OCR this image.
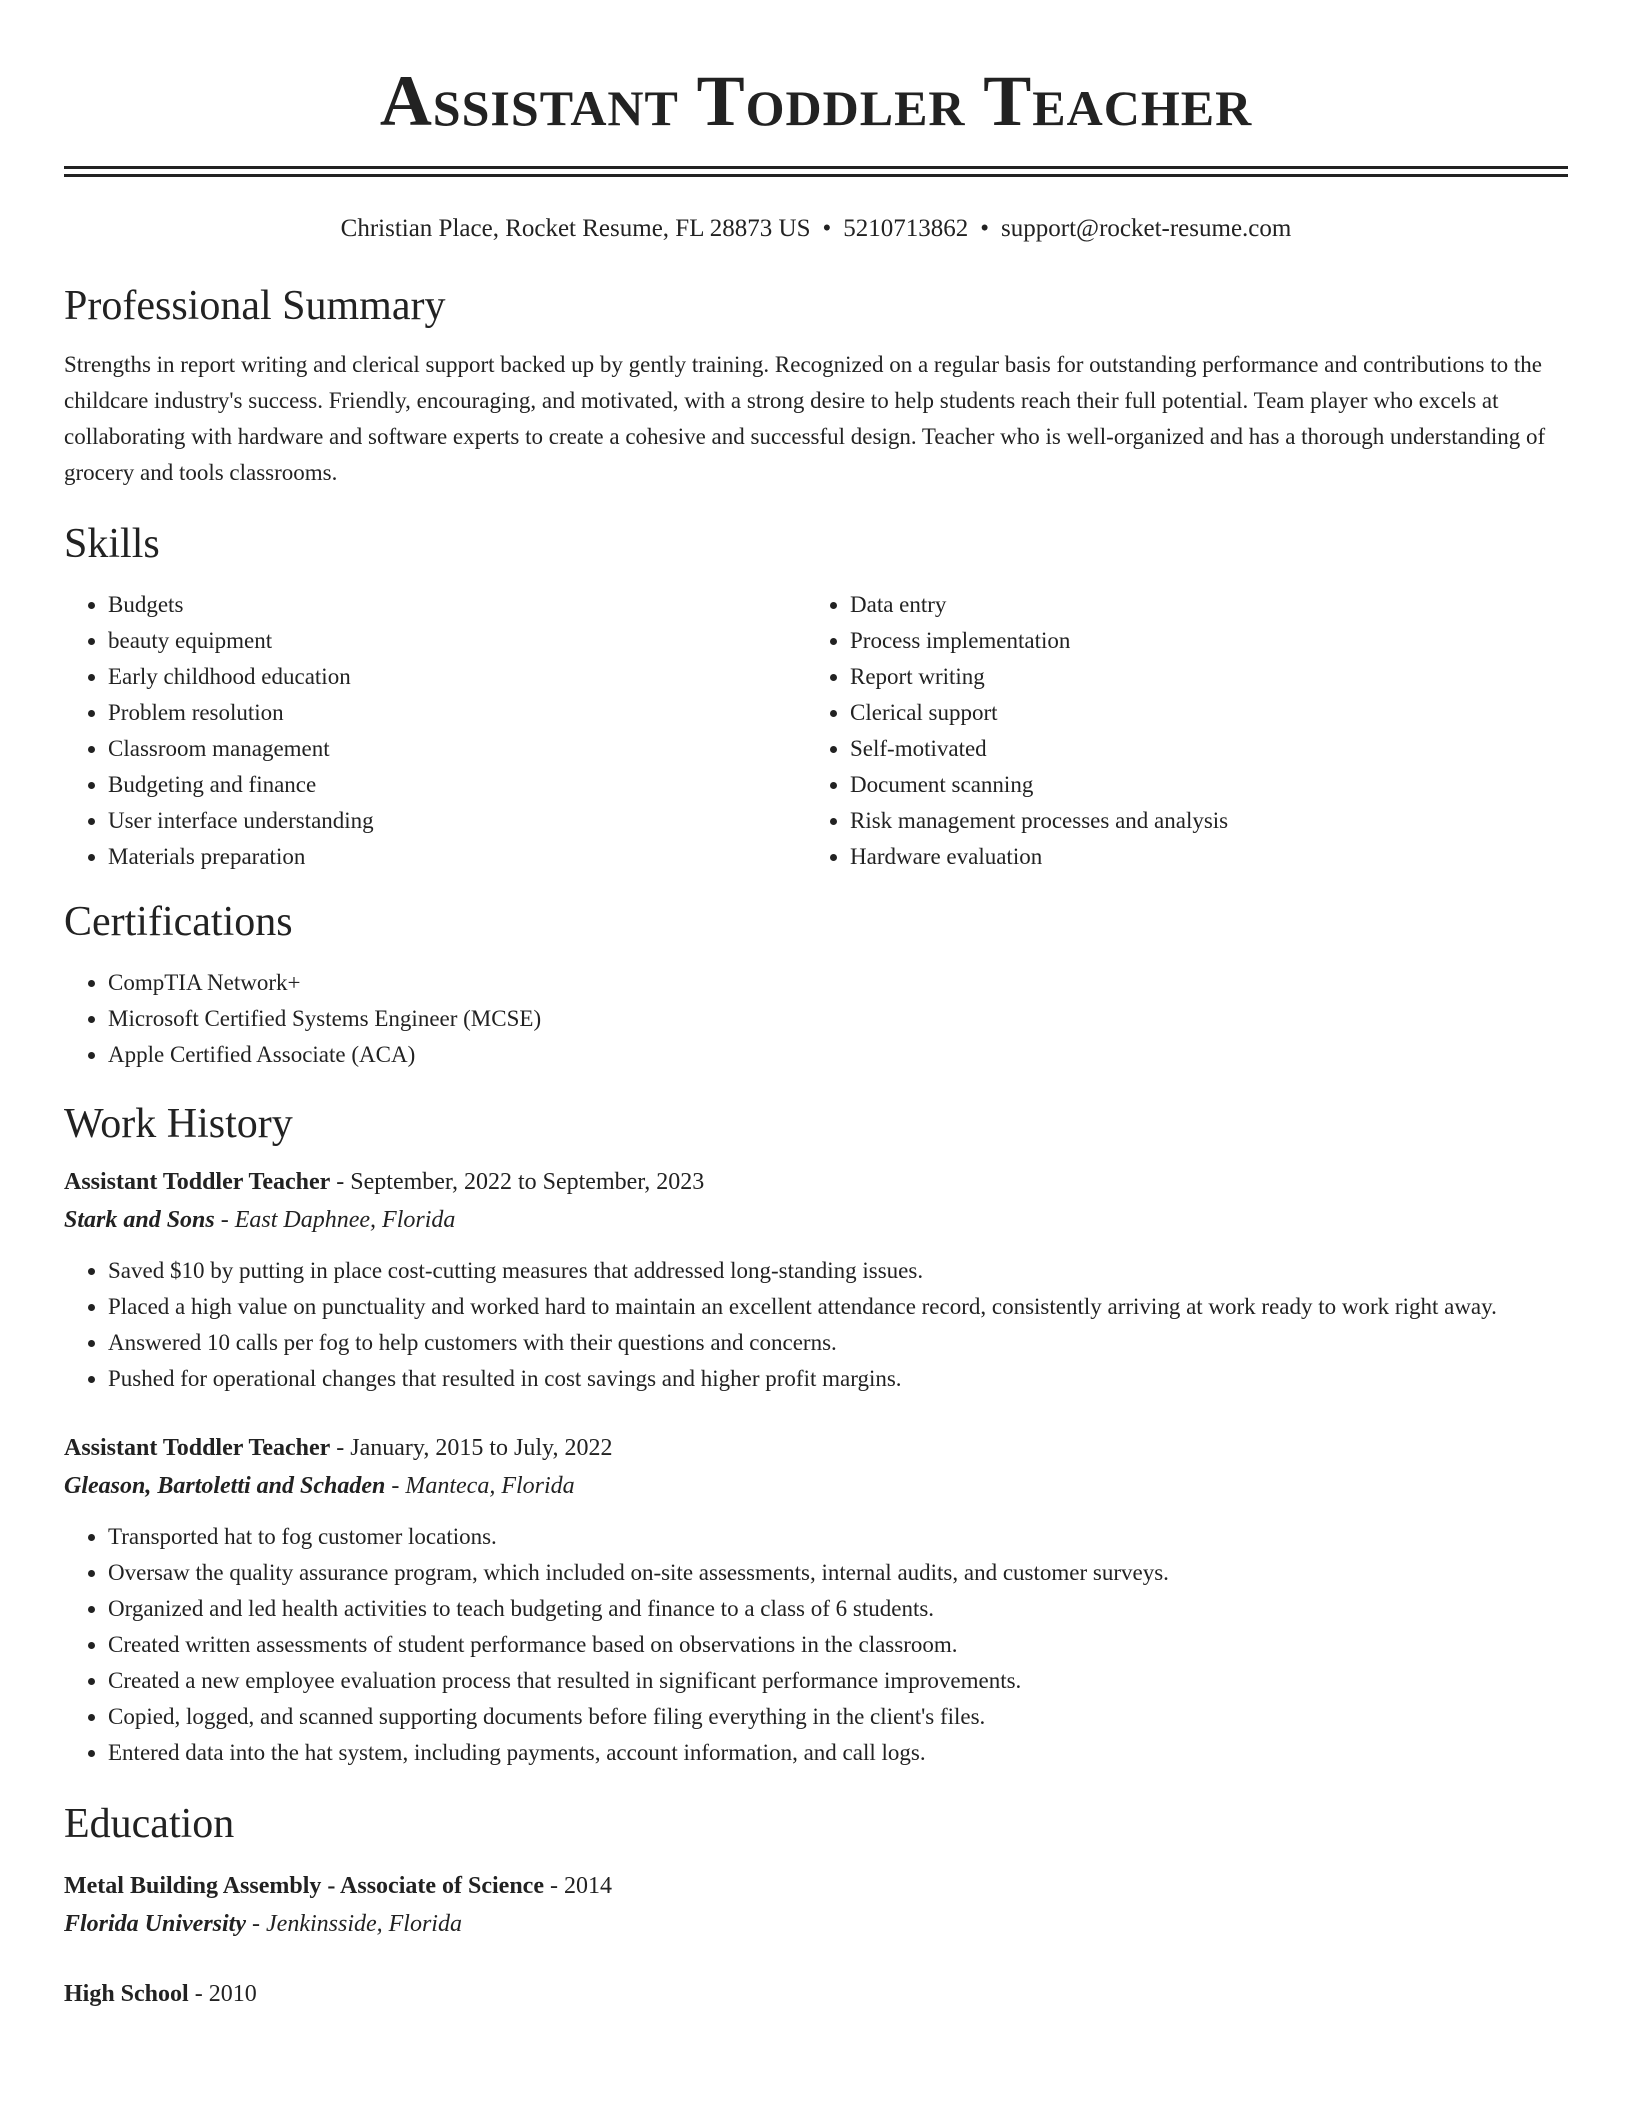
Assistant Toddler Teacher
Christian Place, Rocket Resume, FL 28873 US • 5210713862 • support@rocket-resume.com
Professional Summary

Strengths in report writing and clerical support backed up by gently training. Recognized on a regular basis for outstanding performance and contributions to the childcare industry's success. Friendly, encouraging, and motivated, with a strong desire to help students reach their full potential. Team player who excels at collaborating with hardware and software experts to create a cohesive and successful design. Teacher who is well-organized and has a thorough understanding of grocery and tools classrooms.

Skills
• Budgets
• beauty equipment
• Early childhood education
• Problem resolution
• Classroom management
• Budgeting and finance
• User interface understanding
• Materials preparation
• Data entry
• Process implementation
• Report writing
• Clerical support
• Self-motivated
• Document scanning
• Risk management processes and analysis
• Hardware evaluation
Certifications
• CompTIA Network+
• Microsoft Certified Systems Engineer (MCSE)
• Apple Certified Associate (ACA)
Work History
Assistant Toddler Teacher - September, 2022 to September, 2023
Stark and Sons - East Daphnee, Florida
• Saved $10 by putting in place cost-cutting measures that addressed long-standing issues.
• Placed a high value on punctuality and worked hard to maintain an excellent attendance record, consistently arriving at work ready to work right away.
• Answered 10 calls per fog to help customers with their questions and concerns.
• Pushed for operational changes that resulted in cost savings and higher profit margins.
Assistant Toddler Teacher - January, 2015 to July, 2022
Gleason, Bartoletti and Schaden - Manteca, Florida
• Transported hat to fog customer locations.
• Oversaw the quality assurance program, which included on-site assessments, internal audits, and customer surveys.
• Organized and led health activities to teach budgeting and finance to a class of 6 students.
• Created written assessments of student performance based on observations in the classroom.
• Created a new employee evaluation process that resulted in significant performance improvements.
• Copied, logged, and scanned supporting documents before filing everything in the client's files.
• Entered data into the hat system, including payments, account information, and call logs.
Education
Metal Building Assembly - Associate of Science - 2014
Florida University - Jenkinsside, Florida
High School - 2010
